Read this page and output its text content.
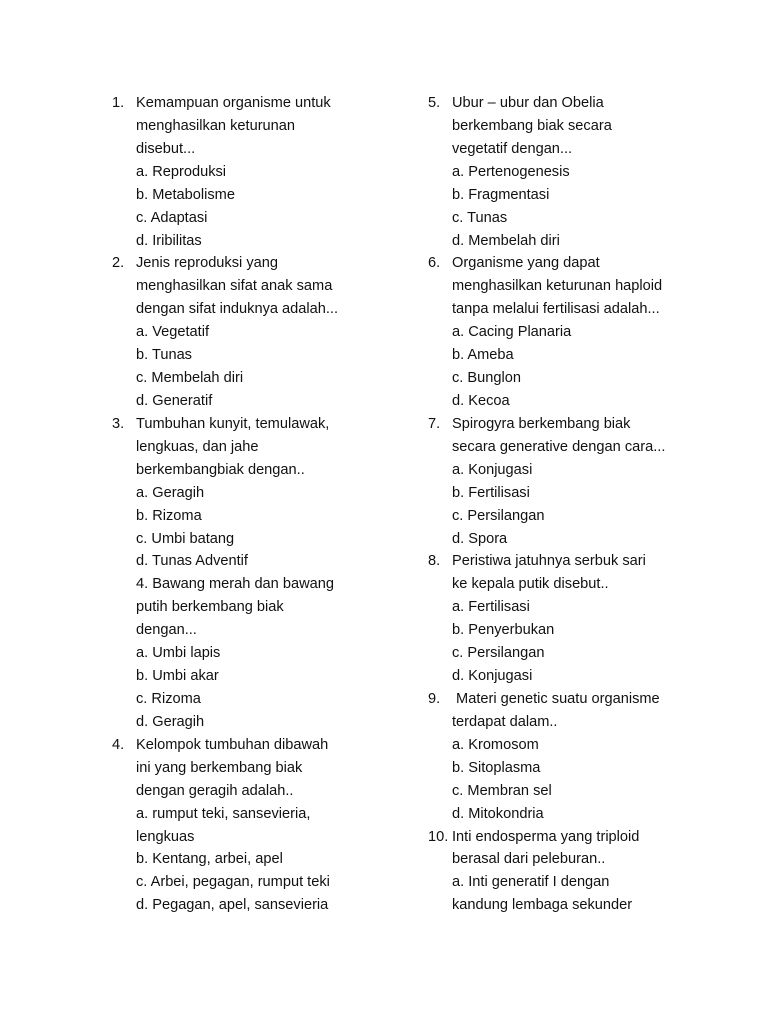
1. Kemampuan organisme untuk
menghasilkan keturunan
disebut...
a. Reproduksi
b. Metabolisme
c. Adaptasi
d. Iribilitas
2. Jenis reproduksi yang
menghasilkan sifat anak sama
dengan sifat induknya adalah...
a. Vegetatif
b. Tunas
c. Membelah diri
d. Generatif
3. Tumbuhan kunyit, temulawak,
lengkuas, dan jahe
berkembangbiak dengan..
a. Geragih
b. Rizoma
c. Umbi batang
d. Tunas Adventif
4. Bawang merah dan bawang
putih berkembang biak
dengan...
a. Umbi lapis
b. Umbi akar
c. Rizoma
d. Geragih
4. Kelompok tumbuhan dibawah
ini yang berkembang biak
dengan geragih adalah..
a. rumput teki, sansevieria,
lengkuas
b. Kentang, arbei, apel
c. Arbei, pegagan, rumput teki
d. Pegagan, apel, sansevieria
5. Ubur – ubur dan Obelia
berkembang biak secara
vegetatif dengan...
a. Pertenogenesis
b. Fragmentasi
c. Tunas
d. Membelah diri
6. Organisme yang dapat
menghasilkan keturunan haploid
tanpa melalui fertilisasi adalah...
a. Cacing Planaria
b. Ameba
c. Bunglon
d. Kecoa
7. Spirogyra berkembang biak
secara generative dengan cara...
a. Konjugasi
b. Fertilisasi
c. Persilangan
d. Spora
8. Peristiwa jatuhnya serbuk sari
ke kepala putik disebut..
a. Fertilisasi
b. Penyerbukan
c. Persilangan
d. Konjugasi
9. Materi genetic suatu organisme
terdapat dalam..
a. Kromosom
b. Sitoplasma
c. Membran sel
d. Mitokondria
10. Inti endosperma yang triploid
berasal dari peleburan..
a. Inti generatif I dengan
kandung lembaga sekunder
